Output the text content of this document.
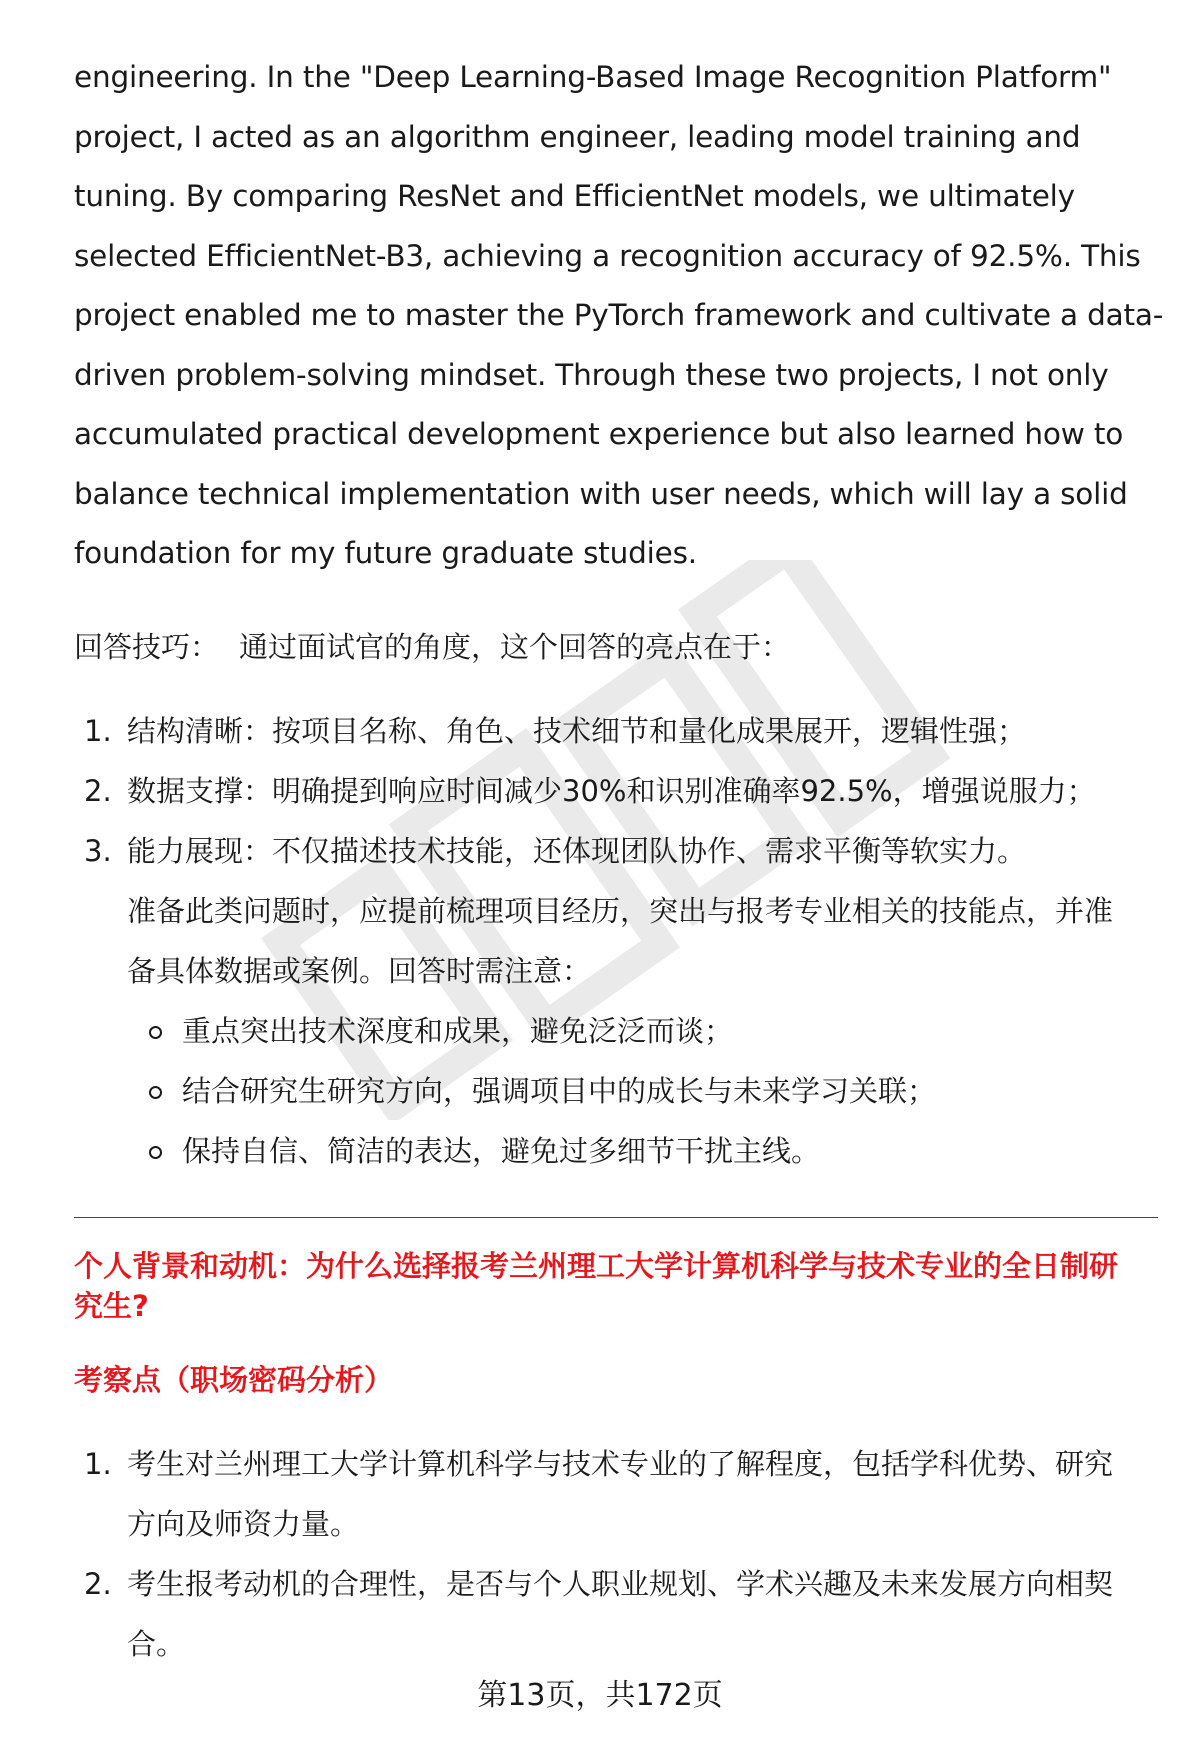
engineering. In the "Deep Learning-Based Image Recognition Platform"
project, I acted as an algorithm engineer, leading model training and
tuning. By comparing ResNet and EfficientNet models, we ultimately
selected EfficientNet-B3, achieving a recognition accuracy of 92.5%. This
project enabled me to master the PyTorch framework and cultivate a data-
driven problem-solving mindset. Through these two projects, I not only
accumulated practical development experience but also learned how to
balance technical implementation with user needs, which will lay a solid
foundation for my future graduate studies.

回答技巧： 通过面试官的角度，这个回答的亮点在于：

1. 结构清晰：按项目名称、角色、技术细节和量化成果展开，逻辑性强；
2. 数据支撑：明确提到响应时间减少30%和识别准确率92.5%，增强说服力；
3. 能力展现：不仅描述技术技能，还体现团队协作、需求平衡等软实力。
准备此类问题时，应提前梳理项目经历，突出与报考专业相关的技能点，并准
备具体数据或案例。回答时需注意：
重点突出技术深度和成果，避免泛泛而谈；
结合研究生研究方向，强调项目中的成长与未来学习关联；
保持自信、简洁的表达，避免过多细节干扰主线。
个人背景和动机：为什么选择报考兰州理工大学计算机科学与技术专业的全日制研
究生?
考察点（职场密码分析）
1. 考生对兰州理工大学计算机科学与技术专业的了解程度，包括学科优势、研究
方向及师资力量。
2. 考生报考动机的合理性，是否与个人职业规划、学术兴趣及未来发展方向相契
合。
第13页，共172页
